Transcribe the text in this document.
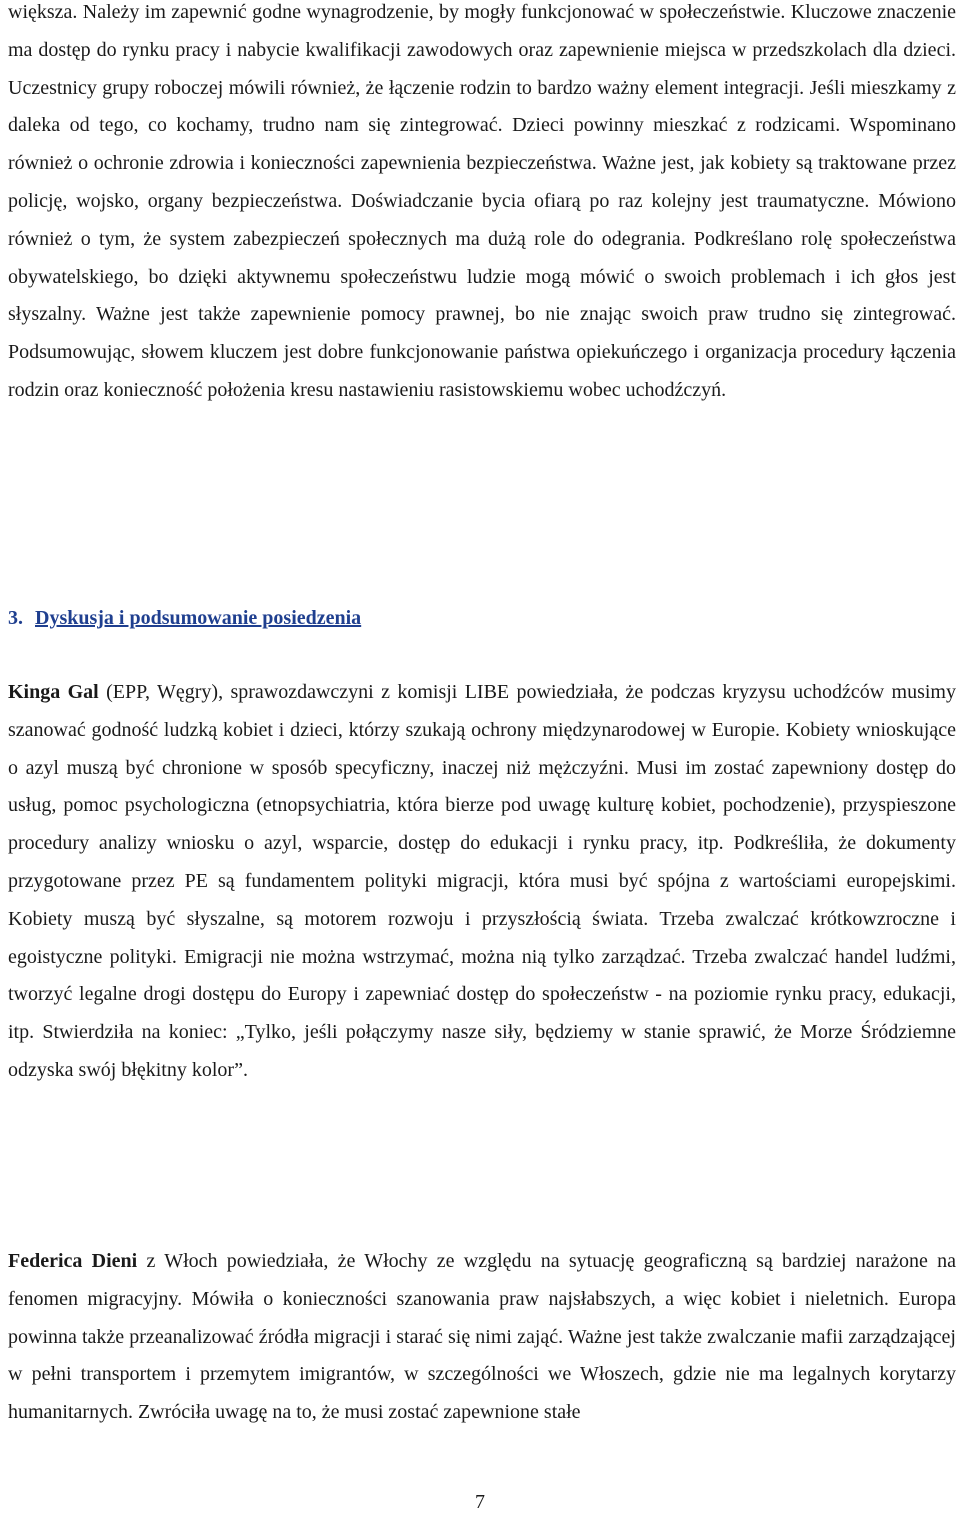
większa. Należy im zapewnić godne wynagrodzenie, by mogły funkcjonować w społeczeństwie. Kluczowe znaczenie ma dostęp do rynku pracy i nabycie kwalifikacji zawodowych oraz zapewnienie miejsca w przedszkolach dla dzieci. Uczestnicy grupy roboczej mówili również, że łączenie rodzin to bardzo ważny element integracji. Jeśli mieszkamy z daleka od tego, co kochamy, trudno nam się zintegrować. Dzieci powinny mieszkać z rodzicami. Wspominano również o ochronie zdrowia i konieczności zapewnienia bezpieczeństwa. Ważne jest, jak kobiety są traktowane przez policję, wojsko, organy bezpieczeństwa. Doświadczanie bycia ofiarą po raz kolejny jest traumatyczne. Mówiono również o tym, że system zabezpieczeń społecznych ma dużą role do odegrania. Podkreślano rolę społeczeństwa obywatelskiego, bo dzięki aktywnemu społeczeństwu ludzie mogą mówić o swoich problemach i ich głos jest słyszalny. Ważne jest także zapewnienie pomocy prawnej, bo nie znając swoich praw trudno się zintegrować. Podsumowując, słowem kluczem jest dobre funkcjonowanie państwa opiekuńczego i organizacja procedury łączenia rodzin oraz konieczność położenia kresu nastawieniu rasistowskiemu wobec uchodźczyń.

3. Dyskusja i podsumowanie posiedzenia

Kinga Gal (EPP, Węgry), sprawozdawczyni z komisji LIBE powiedziała, że podczas kryzysu uchodźców musimy szanować godność ludzką kobiet i dzieci, którzy szukają ochrony międzynarodowej w Europie. Kobiety wnioskujące o azyl muszą być chronione w sposób specyficzny, inaczej niż mężczyźni. Musi im zostać zapewniony dostęp do usług, pomoc psychologiczna (etnopsychiatria, która bierze pod uwagę kulturę kobiet, pochodzenie), przyspieszone procedury analizy wniosku o azyl, wsparcie, dostęp do edukacji i rynku pracy, itp. Podkreśliła, że dokumenty przygotowane przez PE są fundamentem polityki migracji, która musi być spójna z wartościami europejskimi. Kobiety muszą być słyszalne, są motorem rozwoju i przyszłością świata. Trzeba zwalczać krótkowzroczne i egoistyczne polityki. Emigracji nie można wstrzymać, można nią tylko zarządzać. Trzeba zwalczać handel ludźmi, tworzyć legalne drogi dostępu do Europy i zapewniać dostęp do społeczeństw - na poziomie rynku pracy, edukacji, itp. Stwierdziła na koniec: „Tylko, jeśli połączymy nasze siły, będziemy w stanie sprawić, że Morze Śródziemne odzyska swój błękitny kolor”.

Federica Dieni z Włoch powiedziała, że Włochy ze względu na sytuację geograficzną są bardziej narażone na fenomen migracyjny. Mówiła o konieczności szanowania praw najsłabszych, a więc kobiet i nieletnich. Europa powinna także przeanalizować źródła migracji i starać się nimi zająć. Ważne jest także zwalczanie mafii zarządzającej w pełni transportem i przemytem imigrantów, w szczególności we Włoszech, gdzie nie ma legalnych korytarzy humanitarnych. Zwróciła uwagę na to, że musi zostać zapewnione stałe

7
